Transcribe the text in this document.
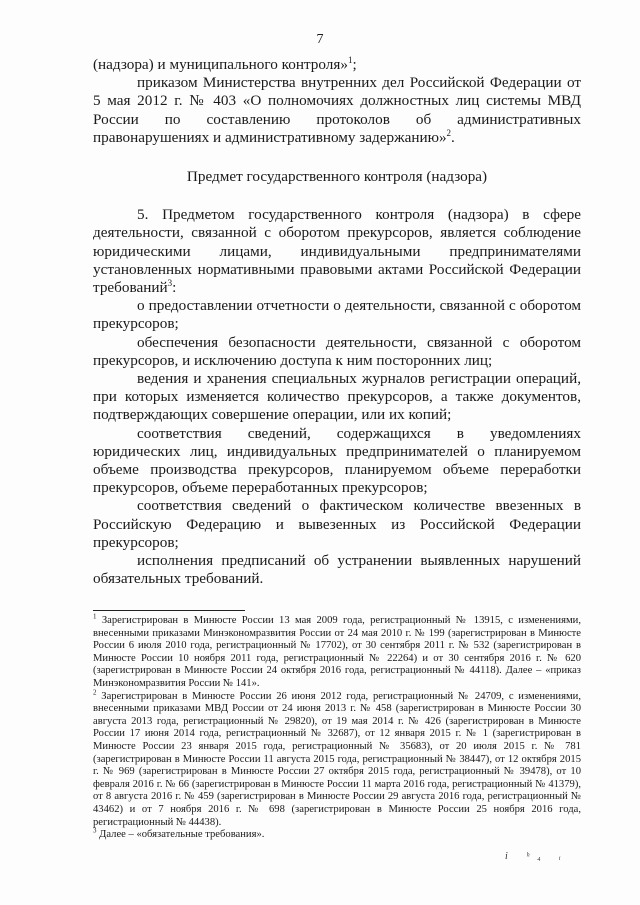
7

(надзора) и муниципального контроля»$^1$;

приказом Министерства внутренних дел Российской Федерации от 5 мая 2012 г. № 403 «О полномочиях должностных лиц системы МВД России по составлению протоколов об административных правонарушениях и административному задержанию»$^2$.

Предмет государственного контроля (надзора)

5. Предметом государственного контроля (надзора) в сфере деятельности, связанной с оборотом прекурсоров, является соблюдение юридическими лицами, индивидуальными предпринимателями установленных нормативными правовыми актами Российской Федерации требований$^3$:

о предоставлении отчетности о деятельности, связанной с оборотом прекурсоров;

обеспечения безопасности деятельности, связанной с оборотом прекурсоров, и исключению доступа к ним посторонних лиц;

ведения и хранения специальных журналов регистрации операций, при которых изменяется количество прекурсоров, а также документов, подтверждающих совершение операции, или их копий;

соответствия сведений, содержащихся в уведомлениях юридических лиц, индивидуальных предпринимателей о планируемом объеме производства прекурсоров, планируемом объеме переработки прекурсоров, объеме переработанных прекурсоров;

соответствия сведений о фактическом количестве ввезенных в Российскую Федерацию и вывезенных из Российской Федерации прекурсоров;

исполнения предписаний об устранении выявленных нарушений обязательных требований.

$^1$ Зарегистрирован в Минюсте России 13 мая 2009 года, регистрационный № 13915, с изменениями, внесенными приказами Минэкономразвития России от 24 мая 2010 г. № 199 (зарегистрирован в Минюсте России 6 июля 2010 года, регистрационный № 17702), от 30 сентября 2011 г. № 532 (зарегистрирован в Минюсте России 10 ноября 2011 года, регистрационный № 22264) и от 30 сентября 2016 г. № 620 (зарегистрирован в Минюсте России 24 октября 2016 года, регистрационный № 44118). Далее – «приказ Минэкономразвития России № 141».

$^2$ Зарегистрирован в Минюсте России 26 июня 2012 года, регистрационный № 24709, с изменениями, внесенными приказами МВД России от 24 июня 2013 г. № 458 (зарегистрирован в Минюсте России 30 августа 2013 года, регистрационный № 29820), от 19 мая 2014 г. № 426 (зарегистрирован в Минюсте России 17 июня 2014 года, регистрационный № 32687), от 12 января 2015 г. № 1 (зарегистрирован в Минюсте России 23 января 2015 года, регистрационный № 35683), от 20 июля 2015 г. № 781 (зарегистрирован в Минюсте России 11 августа 2015 года, регистрационный № 38447), от 12 октября 2015 г. № 969 (зарегистрирован в Минюсте России 27 октября 2015 года, регистрационный № 39478), от 10 февраля 2016 г. № 66 (зарегистрирован в Минюсте России 11 марта 2016 года, регистрационный № 41379), от 8 августа 2016 г. № 459 (зарегистрирован в Минюсте России 29 августа 2016 года, регистрационный № 43462) и от 7 ноября 2016 г. № 698 (зарегистрирован в Минюсте России 25 ноября 2016 года, регистрационный № 44438).

$^3$ Далее – «обязательные требования».

i ʰ₄ ᵢ
